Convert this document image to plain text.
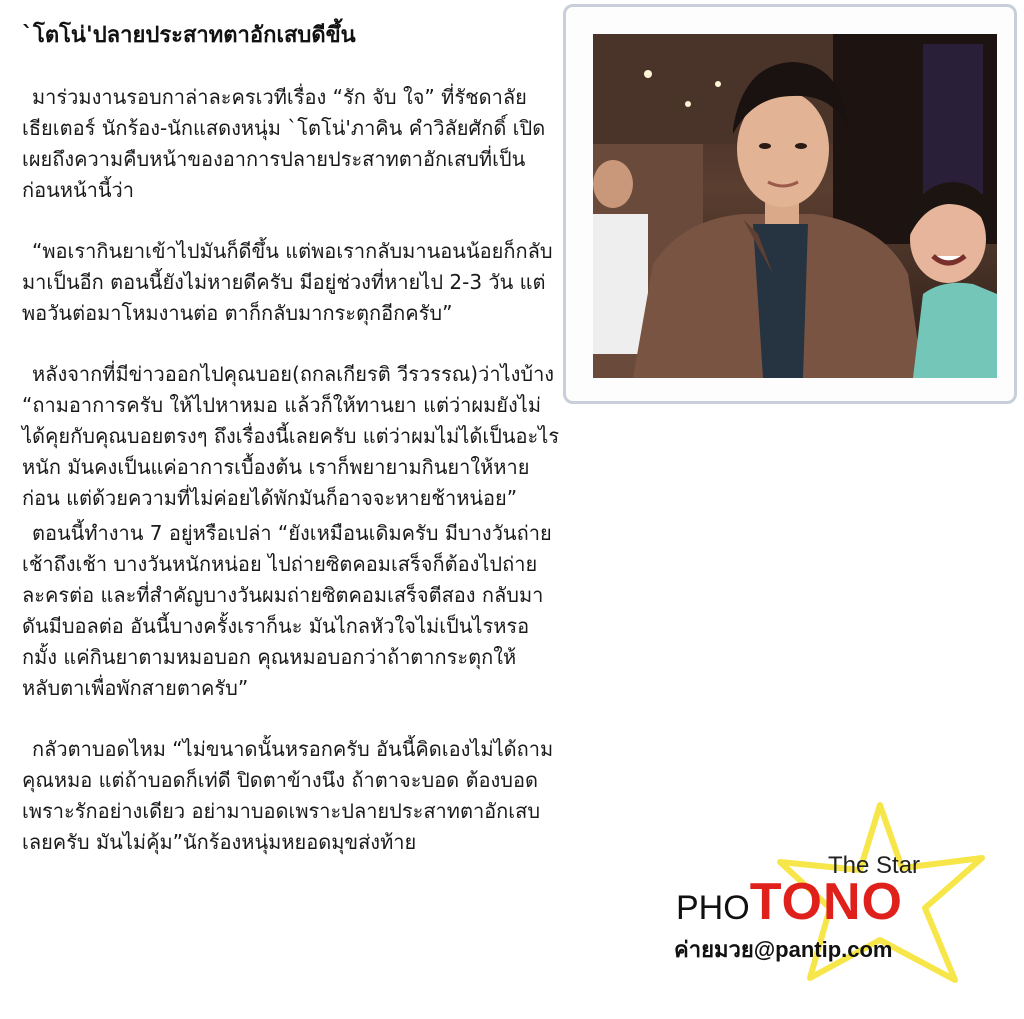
`โตโน่'ปลายประสาทตาอักเสบดีขึ้น

มาร่วมงานรอบกาล่าละครเวทีเรื่อง “รัก จับ ใจ” ที่รัชดาลัยเธียเตอร์ นักร้อง-นักแสดงหนุ่ม `โตโน่'ภาคิน คำวิลัยศักดิ์ เปิดเผยถึงความคืบหน้าของอาการปลายประสาทตาอักเสบที่เป็นก่อนหน้านี้ว่า

“พอเรากินยาเข้าไปมันก็ดีขึ้น แต่พอเรากลับมานอนน้อยก็กลับมาเป็นอีก ตอนนี้ยังไม่หายดีครับ มีอยู่ช่วงที่หายไป 2-3 วัน แต่พอวันต่อมาโหมงานต่อ ตาก็กลับมากระตุกอีกครับ”

หลังจากที่มีข่าวออกไปคุณบอย(ถกลเกียรติ วีรวรรณ)ว่าไงบ้าง “ถามอาการครับ ให้ไปหาหมอ แล้วก็ให้ทานยา แต่ว่าผมยังไม่ได้คุยกับคุณบอยตรงๆ ถึงเรื่องนี้เลยครับ แต่ว่าผมไม่ได้เป็นอะไรหนัก มันคงเป็นแค่อาการเบื้องต้น เราก็พยายามกินยาให้หายก่อน แต่ด้วยความที่ไม่ค่อยได้พักมันก็อาจจะหายช้าหน่อย”

ตอนนี้ทำงาน 7 อยู่หรือเปล่า “ยังเหมือนเดิมครับ มีบางวันถ่ายเช้าถึงเช้า บางวันหนักหน่อย ไปถ่ายซิตคอมเสร็จก็ต้องไปถ่ายละครต่อ และที่สำคัญบางวันผมถ่ายซิตคอมเสร็จตีสอง กลับมาดันมีบอลต่อ อันนี้บางครั้งเราก็นะ มันไกลหัวใจไม่เป็นไรหรอกมั้ง แค่กินยาตามหมอบอก คุณหมอบอกว่าถ้าตากระตุกให้หลับตาเพื่อพักสายตาครับ”

กลัวตาบอดไหม “ไม่ขนาดนั้นหรอกครับ อันนี้คิดเองไม่ได้ถามคุณหมอ แต่ถ้าบอดก็เท่ดี ปิดตาข้างนึง ถ้าตาจะบอด ต้องบอดเพราะรักอย่างเดียว อย่ามาบอดเพราะปลายประสาทตาอักเสบเลยครับ มันไม่คุ้ม”นักร้องหนุ่มหยอดมุขส่งท้าย

The Star
PHOTONO
ค่ายมวย@pantip.com
